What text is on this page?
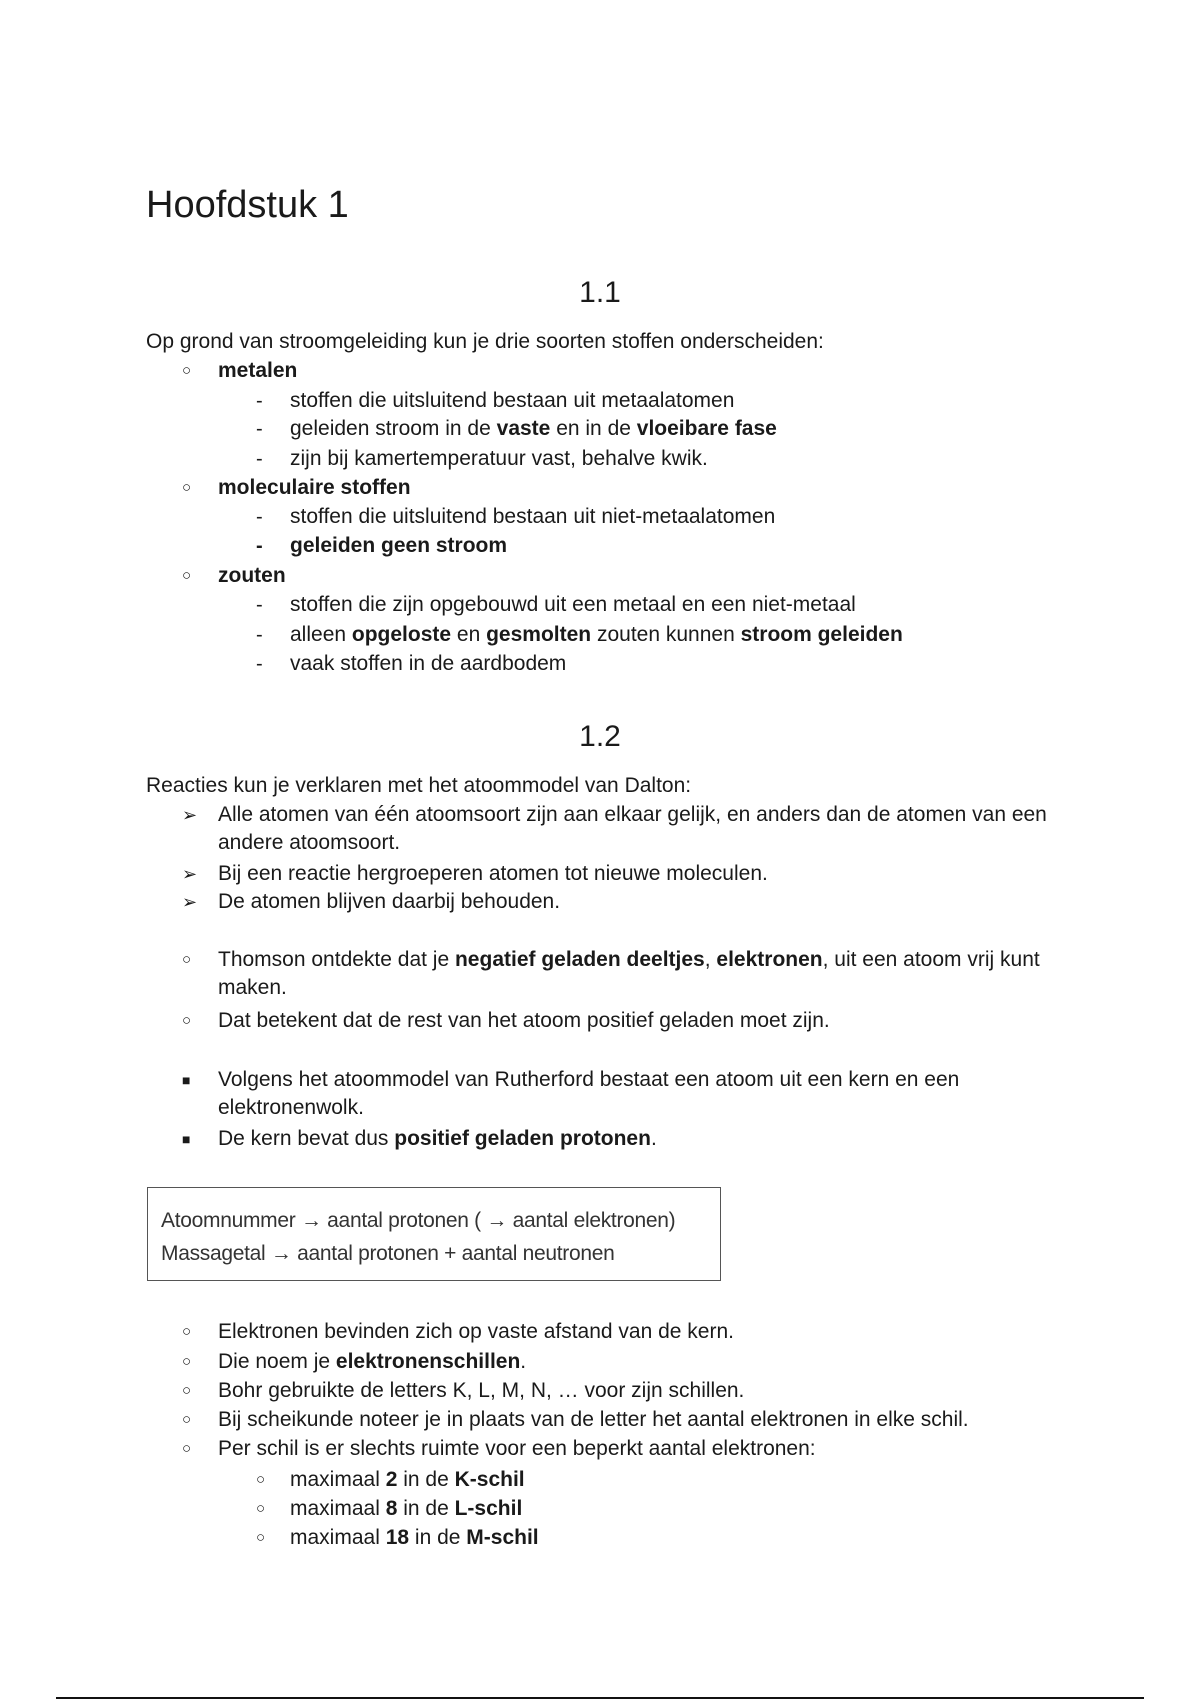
Hoofdstuk 1
1.1

Op grond van stroomgeleiding kun je drie soorten stoffen onderscheiden:

○ metalen
- stoffen die uitsluitend bestaan uit metaalatomen
- geleiden stroom in de vaste en in de vloeibare fase
- zijn bij kamertemperatuur vast, behalve kwik.
○ moleculaire stoffen
- stoffen die uitsluitend bestaan uit niet-metaalatomen
- geleiden geen stroom
○ zouten
- stoffen die zijn opgebouwd uit een metaal en een niet-metaal
- alleen opgeloste en gesmolten zouten kunnen stroom geleiden
- vaak stoffen in de aardbodem
1.2

Reacties kun je verklaren met het atoommodel van Dalton:

➢ Alle atomen van één atoomsoort zijn aan elkaar gelijk, en anders dan de atomen van een andere atoomsoort.
➢ Bij een reactie hergroeperen atomen tot nieuwe moleculen.
➢ De atomen blijven daarbij behouden.
○ Thomson ontdekte dat je negatief geladen deeltjes, elektronen, uit een atoom vrij kunt maken.
○ Dat betekent dat de rest van het atoom positief geladen moet zijn.
■ Volgens het atoommodel van Rutherford bestaat een atoom uit een kern en een elektronenwolk.
■ De kern bevat dus positief geladen protonen.
Atoomnummer → aantal protonen ( → aantal elektronen)
Massagetal → aantal protonen + aantal neutronen
○ Elektronen bevinden zich op vaste afstand van de kern.
○ Die noem je elektronenschillen.
○ Bohr gebruikte de letters K, L, M, N, … voor zijn schillen.
○ Bij scheikunde noteer je in plaats van de letter het aantal elektronen in elke schil.
○ Per schil is er slechts ruimte voor een beperkt aantal elektronen:
○ maximaal 2 in de K-schil
○ maximaal 8 in de L-schil
○ maximaal 18 in de M-schil
